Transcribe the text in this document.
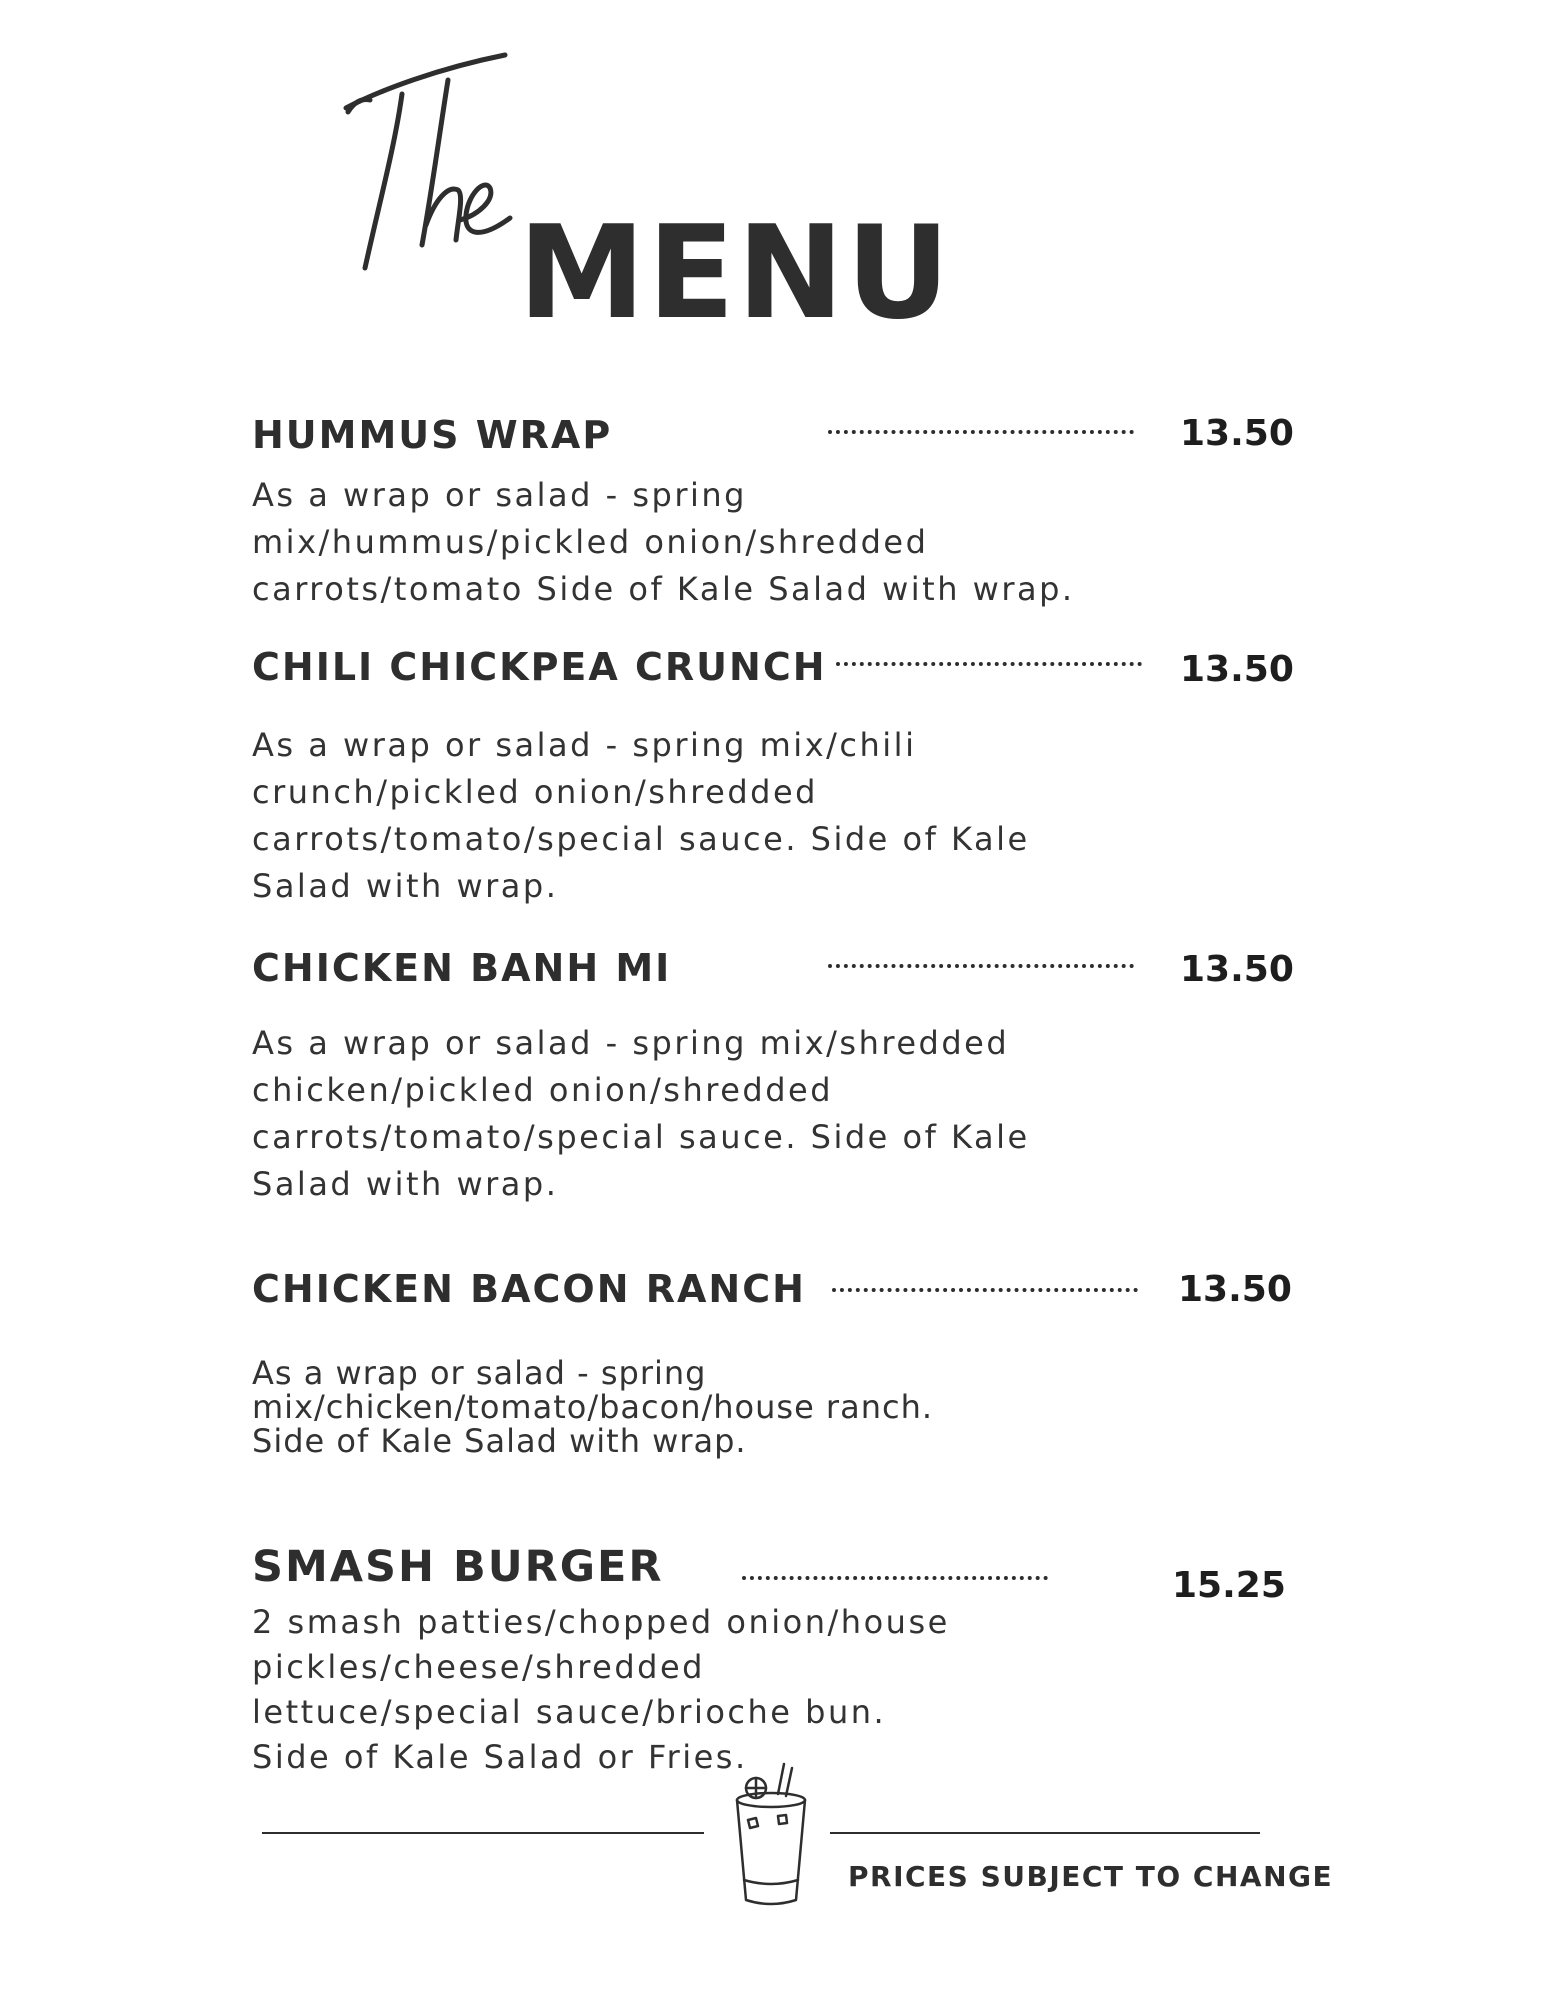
MENU
HUMMUS WRAP	13.50

As a wrap or salad - spring
mix/hummus/pickled onion/shredded
carrots/tomato Side of Kale Salad with wrap.
CHILI CHICKPEA CRUNCH	13.50

As a wrap or salad - spring mix/chili
crunch/pickled onion/shredded
carrots/tomato/special sauce. Side of Kale
Salad with wrap.
CHICKEN BANH MI	13.50

As a wrap or salad - spring mix/shredded
chicken/pickled onion/shredded
carrots/tomato/special sauce. Side of Kale
Salad with wrap.
CHICKEN BACON RANCH	13.50

As a wrap or salad - spring
mix/chicken/tomato/bacon/house ranch.
Side of Kale Salad with wrap.
SMASH BURGER	15.25

2 smash patties/chopped onion/house
pickles/cheese/shredded
lettuce/special sauce/brioche bun.
Side of Kale Salad or Fries.

PRICES SUBJECT TO CHANGE
